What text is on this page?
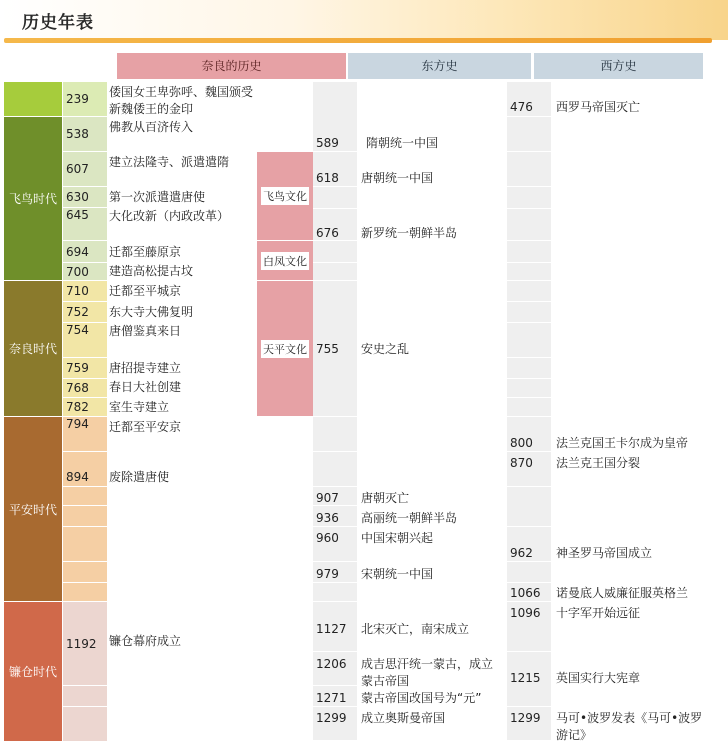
历史年表
奈良的历史	东方史	西方史
飞鸟时代
奈良时代
平安时代
镰仓时代
239
538
607
630
645
694
700
710
752
754
759
768
782
794
894
1192
倭国女王卑弥呼、魏国颁受新魏倭王的金印
佛教从百济传入
建立法隆寺、派遣遣隋
第一次派遣遣唐使
大化改新（内政改革）
迁都至藤原京
建造高松提古坟
迁都至平城京
东大寺大佛复明
唐僧鉴真来日
唐招提寺建立
春日大社创建
室生寺建立
迁都至平安京
废除遣唐使
镰仓幕府成立
飞鸟文化
白凤文化
天平文化
589 隋朝统一中国
618 唐朝统一中国
676 新罗统一朝鲜半岛
755 安史之乱
907 唐朝灭亡
936 高丽统一朝鲜半岛
960 中国宋朝兴起
979 宋朝统一中国
1127 北宋灭亡，南宋成立
1206 成吉思汗统一蒙古，成立蒙古帝国
1271 蒙古帝国改国号为“元”
1299 成立奥斯曼帝国
476 西罗马帝国灭亡
800 法兰克国王卡尔成为皇帝
870 法兰克王国分裂
962 神圣罗马帝国成立
1066 诺曼底人威廉征服英格兰
1096 十字军开始远征
1215 英国实行大宪章
1299 马可•波罗发表《马可•波罗游记》
